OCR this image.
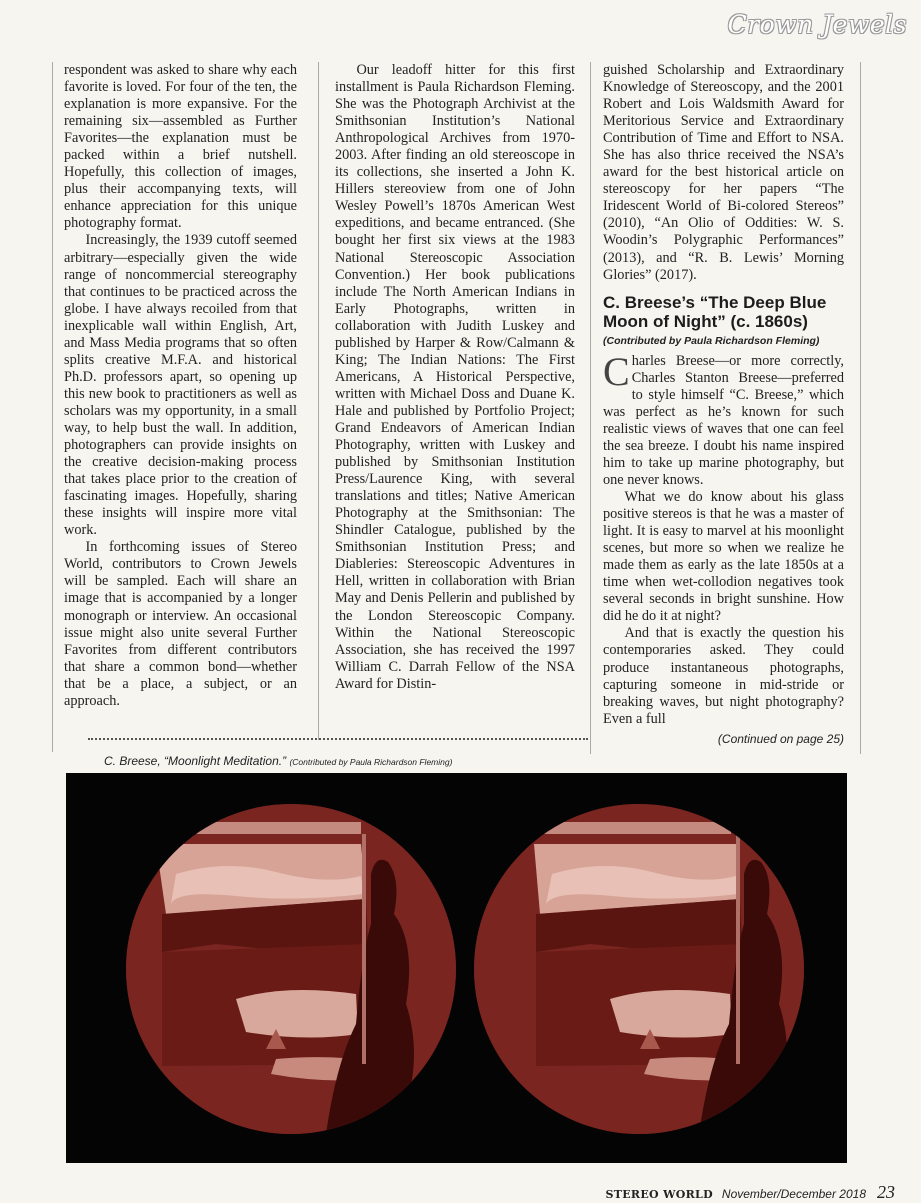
Crown Jewels

respondent was asked to share why each favorite is loved. For four of the ten, the explanation is more expansive. For the remaining six—assembled as Further Favorites—the explanation must be packed within a brief nutshell. Hopefully, this collection of images, plus their accompanying texts, will enhance appreciation for this unique photography format.

Increasingly, the 1939 cutoff seemed arbitrary—especially given the wide range of noncommercial stereography that continues to be practiced across the globe. I have always recoiled from that inexplicable wall within English, Art, and Mass Media programs that so often splits creative M.F.A. and historical Ph.D. professors apart, so opening up this new book to practitioners as well as scholars was my opportunity, in a small way, to help bust the wall. In addition, photographers can provide insights on the creative decision-making process that takes place prior to the creation of fascinating images. Hopefully, sharing these insights will inspire more vital work.

In forthcoming issues of Stereo World, contributors to Crown Jewels will be sampled. Each will share an image that is accompanied by a longer monograph or interview. An occasional issue might also unite several Further Favorites from different contributors that share a common bond—whether that be a place, a subject, or an approach.

Our leadoff hitter for this first installment is Paula Richardson Fleming. She was the Photograph Archivist at the Smithsonian Institution’s National Anthropological Archives from 1970-2003. After finding an old stereoscope in its collections, she inserted a John K. Hillers stereoview from one of John Wesley Powell’s 1870s American West expeditions, and became entranced. (She bought her first six views at the 1983 National Stereoscopic Association Convention.) Her book publications include The North American Indians in Early Photographs, written in collaboration with Judith Luskey and published by Harper & Row/Calmann & King; The Indian Nations: The First Americans, A Historical Perspective, written with Michael Doss and Duane K. Hale and published by Portfolio Project; Grand Endeavors of American Indian Photography, written with Luskey and published by Smithsonian Institution Press/Laurence King, with several translations and titles; Native American Photography at the Smithsonian: The Shindler Catalogue, published by the Smithsonian Institution Press; and Diableries: Stereoscopic Adventures in Hell, written in collaboration with Brian May and Denis Pellerin and published by the London Stereoscopic Company. Within the National Stereoscopic Association, she has received the 1997 William C. Darrah Fellow of the NSA Award for Distin-

guished Scholarship and Extraordinary Knowledge of Stereoscopy, and the 2001 Robert and Lois Waldsmith Award for Meritorious Service and Extraordinary Contribution of Time and Effort to NSA. She has also thrice received the NSA’s award for the best historical article on stereoscopy for her papers “The Iridescent World of Bi-colored Stereos” (2010), “An Olio of Oddities: W. S. Woodin’s Polygraphic Performances” (2013), and “R. B. Lewis’ Morning Glories” (2017).

C. Breese’s “The Deep Blue Moon of Night” (c. 1860s)
(Contributed by Paula Richardson Fleming)

Charles Breese—or more correctly, Charles Stanton Breese—preferred to style himself “C. Breese,” which was perfect as he’s known for such realistic views of waves that one can feel the sea breeze. I doubt his name inspired him to take up marine photography, but one never knows.

What we do know about his glass positive stereos is that he was a master of light. It is easy to marvel at his moonlight scenes, but more so when we realize he made them as early as the late 1850s at a time when wet-collodion negatives took several seconds in bright sunshine. How did he do it at night?

And that is exactly the question his contemporaries asked. They could produce instantaneous photographs, capturing someone in mid-stride or breaking waves, but night photography? Even a full

(Continued on page 25)
C. Breese, “Moonlight Meditation.” (Contributed by Paula Richardson Fleming)
STEREO WORLD November/December 2018 23
